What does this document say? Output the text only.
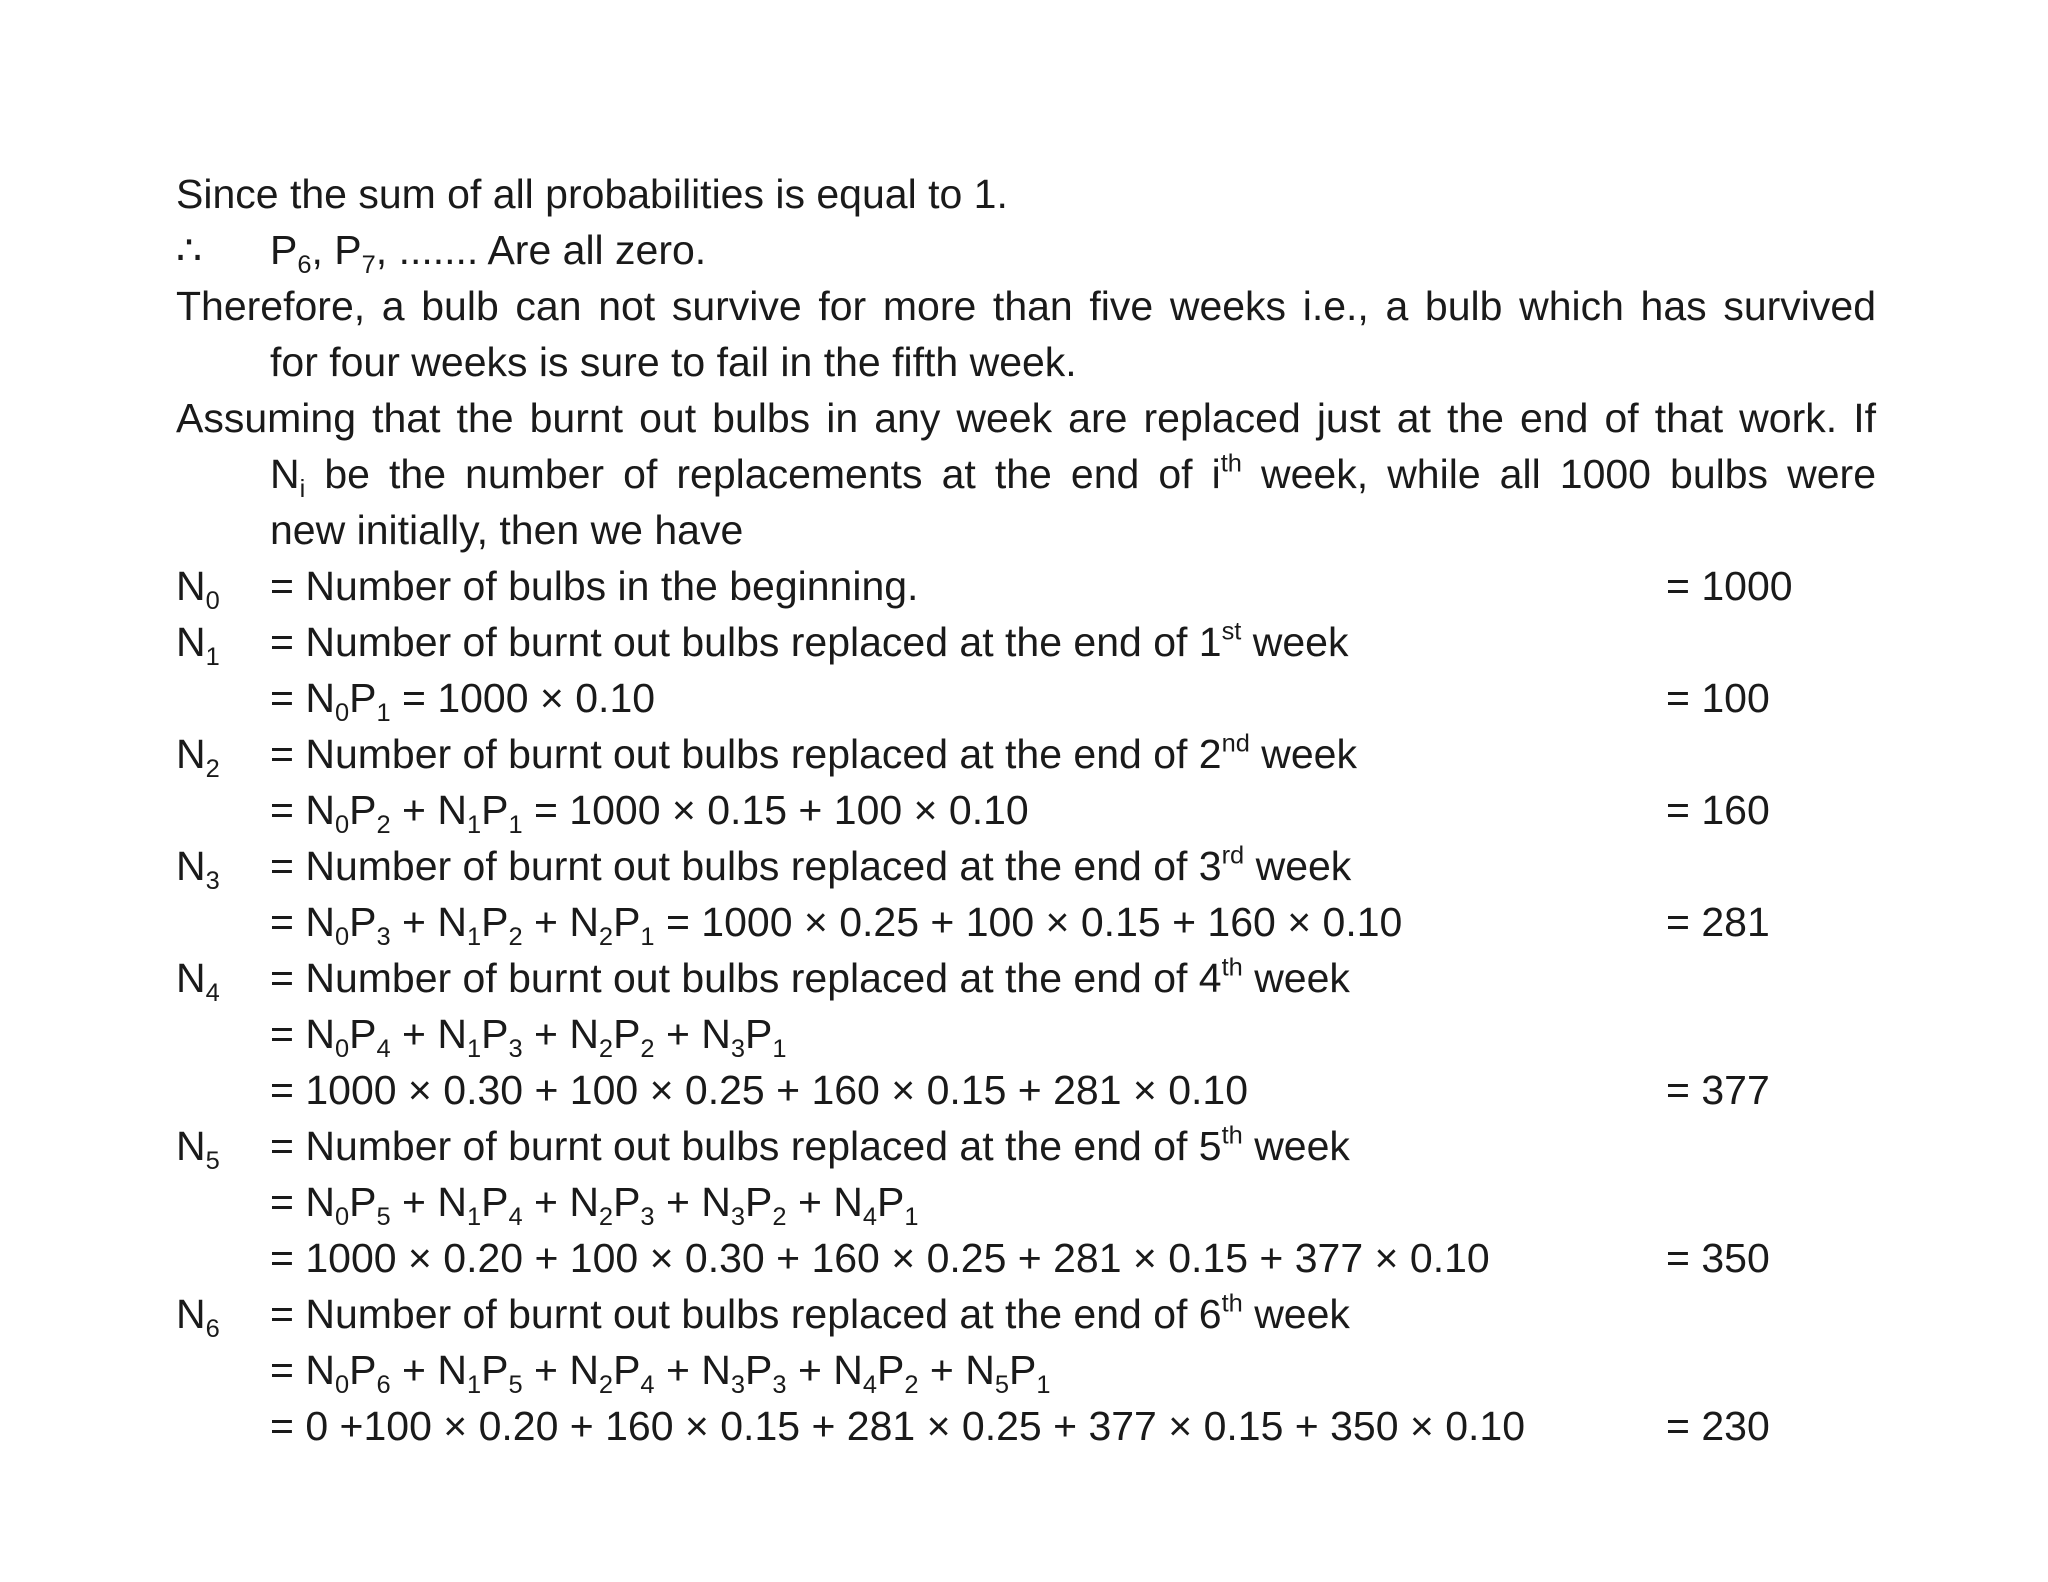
Since the sum of all probabilities is equal to 1.
∴ $P_6$, $P_7$, ....... Are all zero.
Therefore, a bulb can not survive for more than five weeks i.e., a bulb which has survived
for four weeks is sure to fail in the fifth week.
Assuming that the burnt out bulbs in any week are replaced just at the end of that work. If
$N_i$ be the number of replacements at the end of $i^{th}$ week, while all 1000 bulbs were
new initially, then we have
$N_0$ = Number of bulbs in the beginning.	= 1000
$N_1$ = Number of burnt out bulbs replaced at the end of 1st week
= $N_0P_1 = 1000 \times 0.10$	= 100
$N_2$ = Number of burnt out bulbs replaced at the end of 2nd week
= $N_0P_2 + N_1P_1 = 1000 \times 0.15 + 100 \times 0.10$	= 160
$N_3$ = Number of burnt out bulbs replaced at the end of 3rd week
= $N_0P_3 + N_1P_2 + N_2P_1 = 1000 \times 0.25 + 100 \times 0.15 + 160 \times 0.10$	= 281
$N_4$ = Number of burnt out bulbs replaced at the end of 4th week
= $N_0P_4 + N_1P_3 + N_2P_2 + N_3P_1$
= 1000 × 0.30 + 100 × 0.25 + 160 × 0.15 + 281 × 0.10	= 377
$N_5$ = Number of burnt out bulbs replaced at the end of 5th week
= $N_0P_5 + N_1P_4 + N_2P_3 + N_3P_2 + N_4P_1$
= 1000 × 0.20 + 100 × 0.30 + 160 × 0.25 + 281 × 0.15 + 377 × 0.10	= 350
$N_6$ = Number of burnt out bulbs replaced at the end of 6th week
= $N_0P_6 + N_1P_5 + N_2P_4 + N_3P_3 + N_4P_2 + N_5P_1$
= 0 +100 × 0.20 + 160 × 0.15 + 281 × 0.25 + 377 × 0.15 + 350 × 0.10	= 230
